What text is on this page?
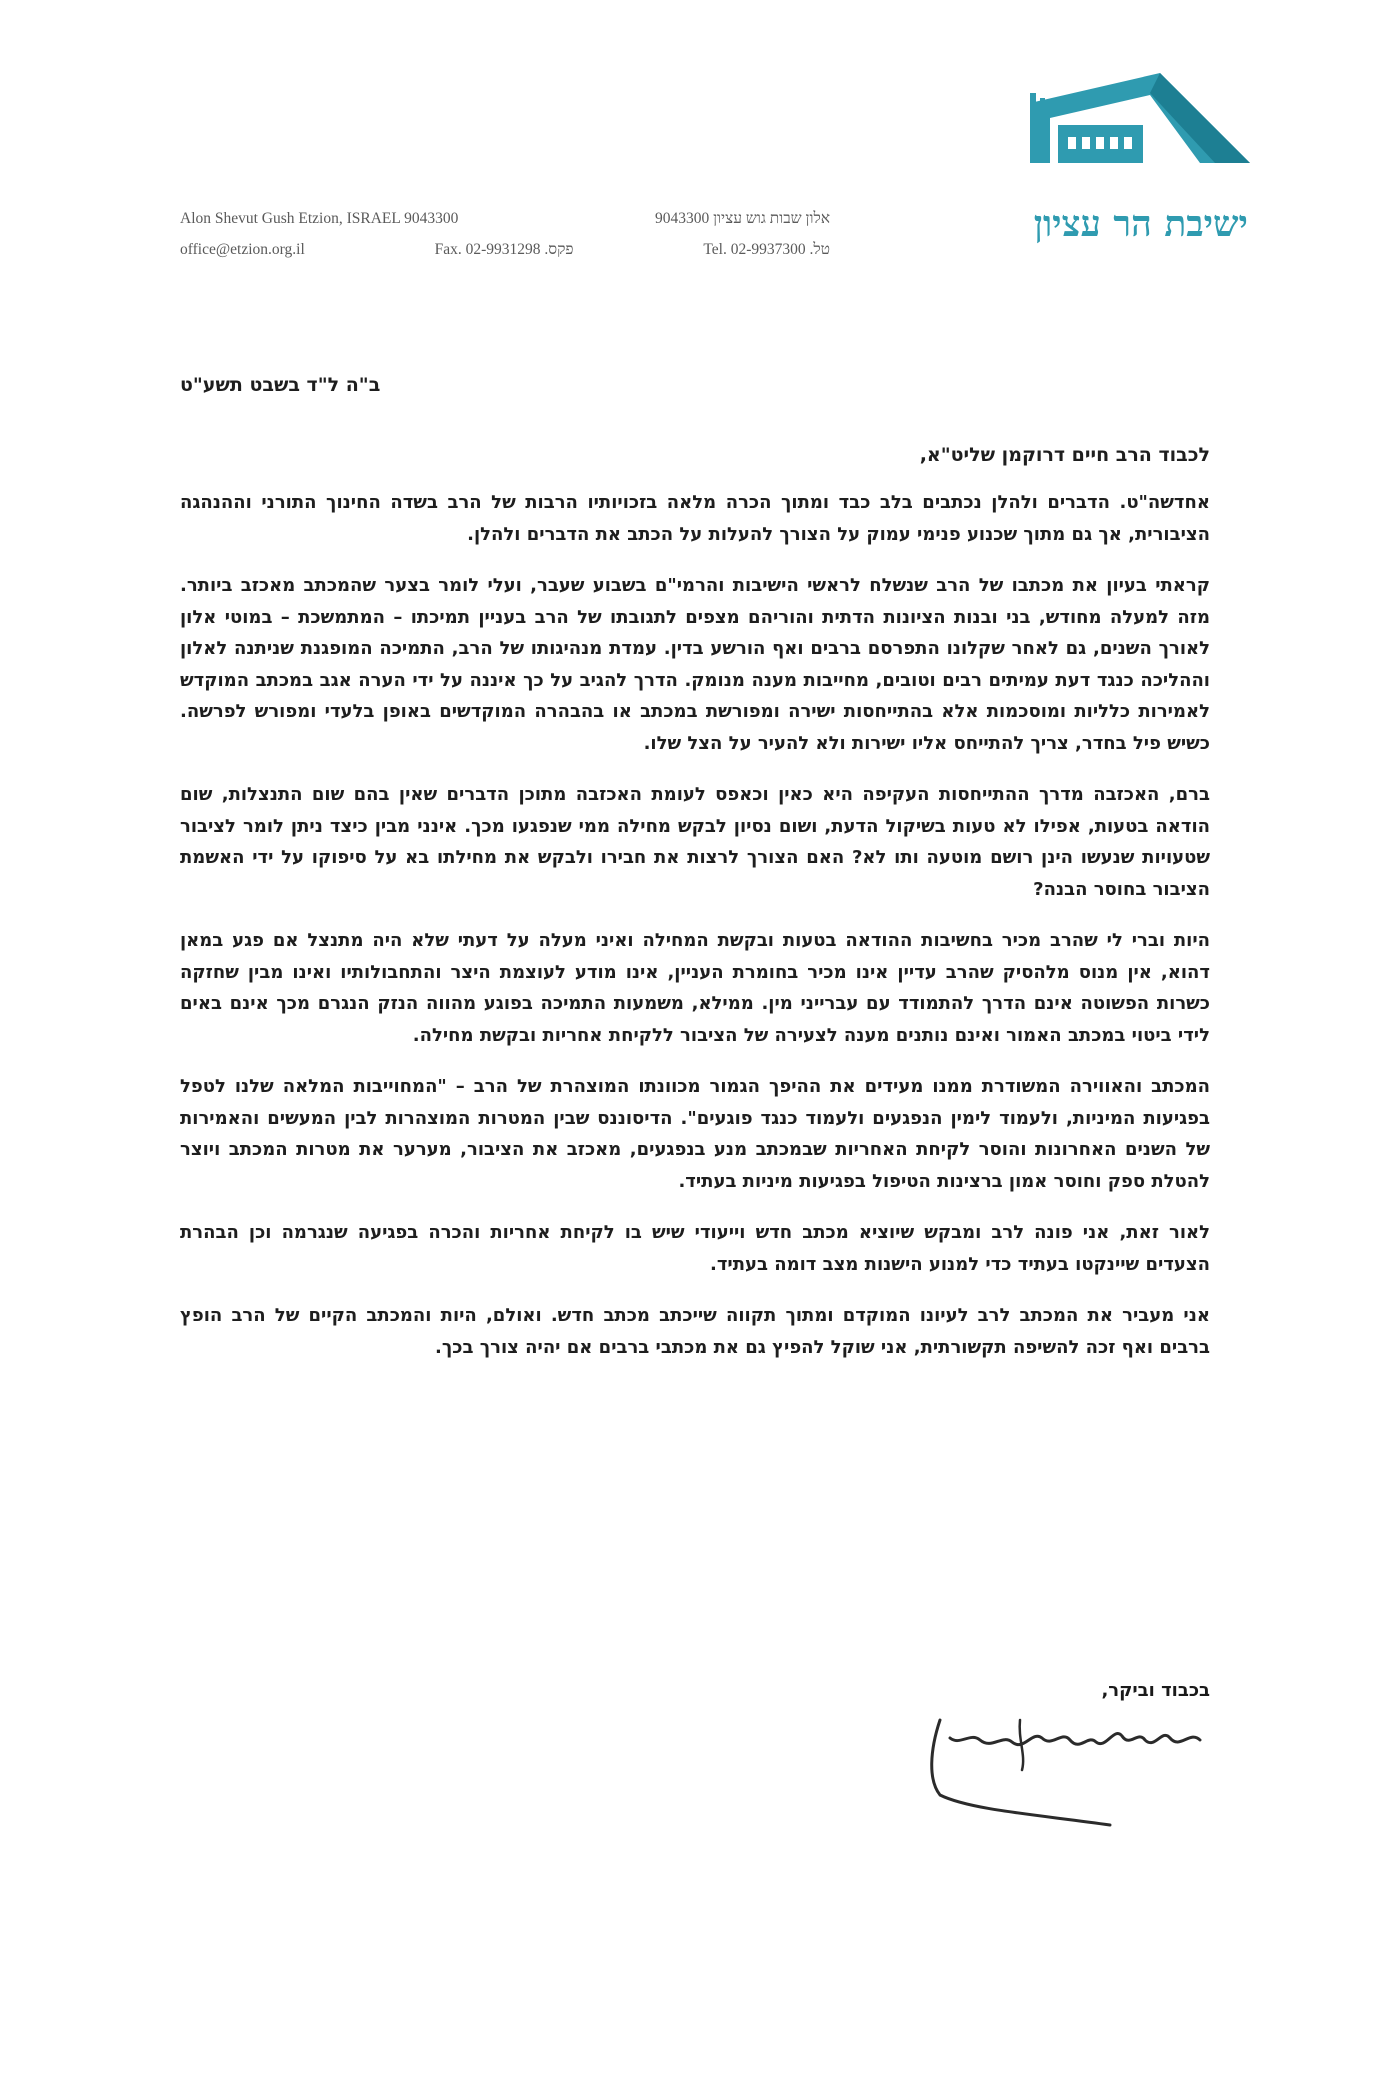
ישיבת הר עציון
Alon Shevut Gush Etzion, ISRAEL 9043300	אלון שבות גוש עציון 9043300
office@etzion.org.il	Fax. 02-9931298 .פקס	Tel. 02-9937300 .טל
ב"ה ל"ד בשבט תשע"ט
לכבוד הרב חיים דרוקמן שליט"א,

אחדשה"ט. הדברים ולהלן נכתבים בלב כבד ומתוך הכרה מלאה בזכויותיו הרבות של הרב בשדה החינוך התורני וההנהגה הציבורית, אך גם מתוך שכנוע פנימי עמוק על הצורך להעלות על הכתב את הדברים ולהלן.

קראתי בעיון את מכתבו של הרב שנשלח לראשי הישיבות והרמי"ם בשבוע שעבר, ועלי לומר בצער שהמכתב מאכזב ביותר. מזה למעלה מחודש, בני ובנות הציונות הדתית והוריהם מצפים לתגובתו של הרב בעניין תמיכתו – המתמשכת – במוטי אלון לאורך השנים, גם לאחר שקלונו התפרסם ברבים ואף הורשע בדין. עמדת מנהיגותו של הרב, התמיכה המופגנת שניתנה לאלון וההליכה כנגד דעת עמיתים רבים וטובים, מחייבות מענה מנומק. הדרך להגיב על כך איננה על ידי הערה אגב במכתב המוקדש לאמירות כלליות ומוסכמות אלא בהתייחסות ישירה ומפורשת במכתב או בהבהרה המוקדשים באופן בלעדי ומפורש לפרשה. כשיש פיל בחדר, צריך להתייחס אליו ישירות ולא להעיר על הצל שלו.

ברם, האכזבה מדרך ההתייחסות העקיפה היא כאין וכאפס לעומת האכזבה מתוכן הדברים שאין בהם שום התנצלות, שום הודאה בטעות, אפילו לא טעות בשיקול הדעת, ושום נסיון לבקש מחילה ממי שנפגעו מכך. אינני מבין כיצד ניתן לומר לציבור שטעויות שנעשו הינן רושם מוטעה ותו לא? האם הצורך לרצות את חבירו ולבקש את מחילתו בא על סיפוקו על ידי האשמת הציבור בחוסר הבנה?

היות וברי לי שהרב מכיר בחשיבות ההודאה בטעות ובקשת המחילה ואיני מעלה על דעתי שלא היה מתנצל אם פגע במאן דהוא, אין מנוס מלהסיק שהרב עדיין אינו מכיר בחומרת העניין, אינו מודע לעוצמת היצר והתחבולותיו ואינו מבין שחזקה כשרות הפשוטה אינם הדרך להתמודד עם עברייני מין. ממילא, משמעות התמיכה בפוגע מהווה הנזק הנגרם מכך אינם באים לידי ביטוי במכתב האמור ואינם נותנים מענה לצעירה של הציבור ללקיחת אחריות ובקשת מחילה.

המכתב והאווירה המשודרת ממנו מעידים את ההיפך הגמור מכוונתו המוצהרת של הרב – "המחוייבות המלאה שלנו לטפל בפגיעות המיניות, ולעמוד לימין הנפגעים ולעמוד כנגד פוגעים". הדיסוננס שבין המטרות המוצהרות לבין המעשים והאמירות של השנים האחרונות והוסר לקיחת האחריות שבמכתב מנע בנפגעים, מאכזב את הציבור, מערער את מטרות המכתב ויוצר להטלת ספק וחוסר אמון ברצינות הטיפול בפגיעות מיניות בעתיד.

לאור זאת, אני פונה לרב ומבקש שיוציא מכתב חדש וייעודי שיש בו לקיחת אחריות והכרה בפגיעה שנגרמה וכן הבהרת הצעדים שיינקטו בעתיד כדי למנוע הישנות מצב דומה בעתיד.

אני מעביר את המכתב לרב לעיונו המוקדם ומתוך תקווה שייכתב מכתב חדש. ואולם, היות והמכתב הקיים של הרב הופץ ברבים ואף זכה להשיפה תקשורתית, אני שוקל להפיץ גם את מכתבי ברבים אם יהיה צורך בכך.

בכבוד וביקר,
